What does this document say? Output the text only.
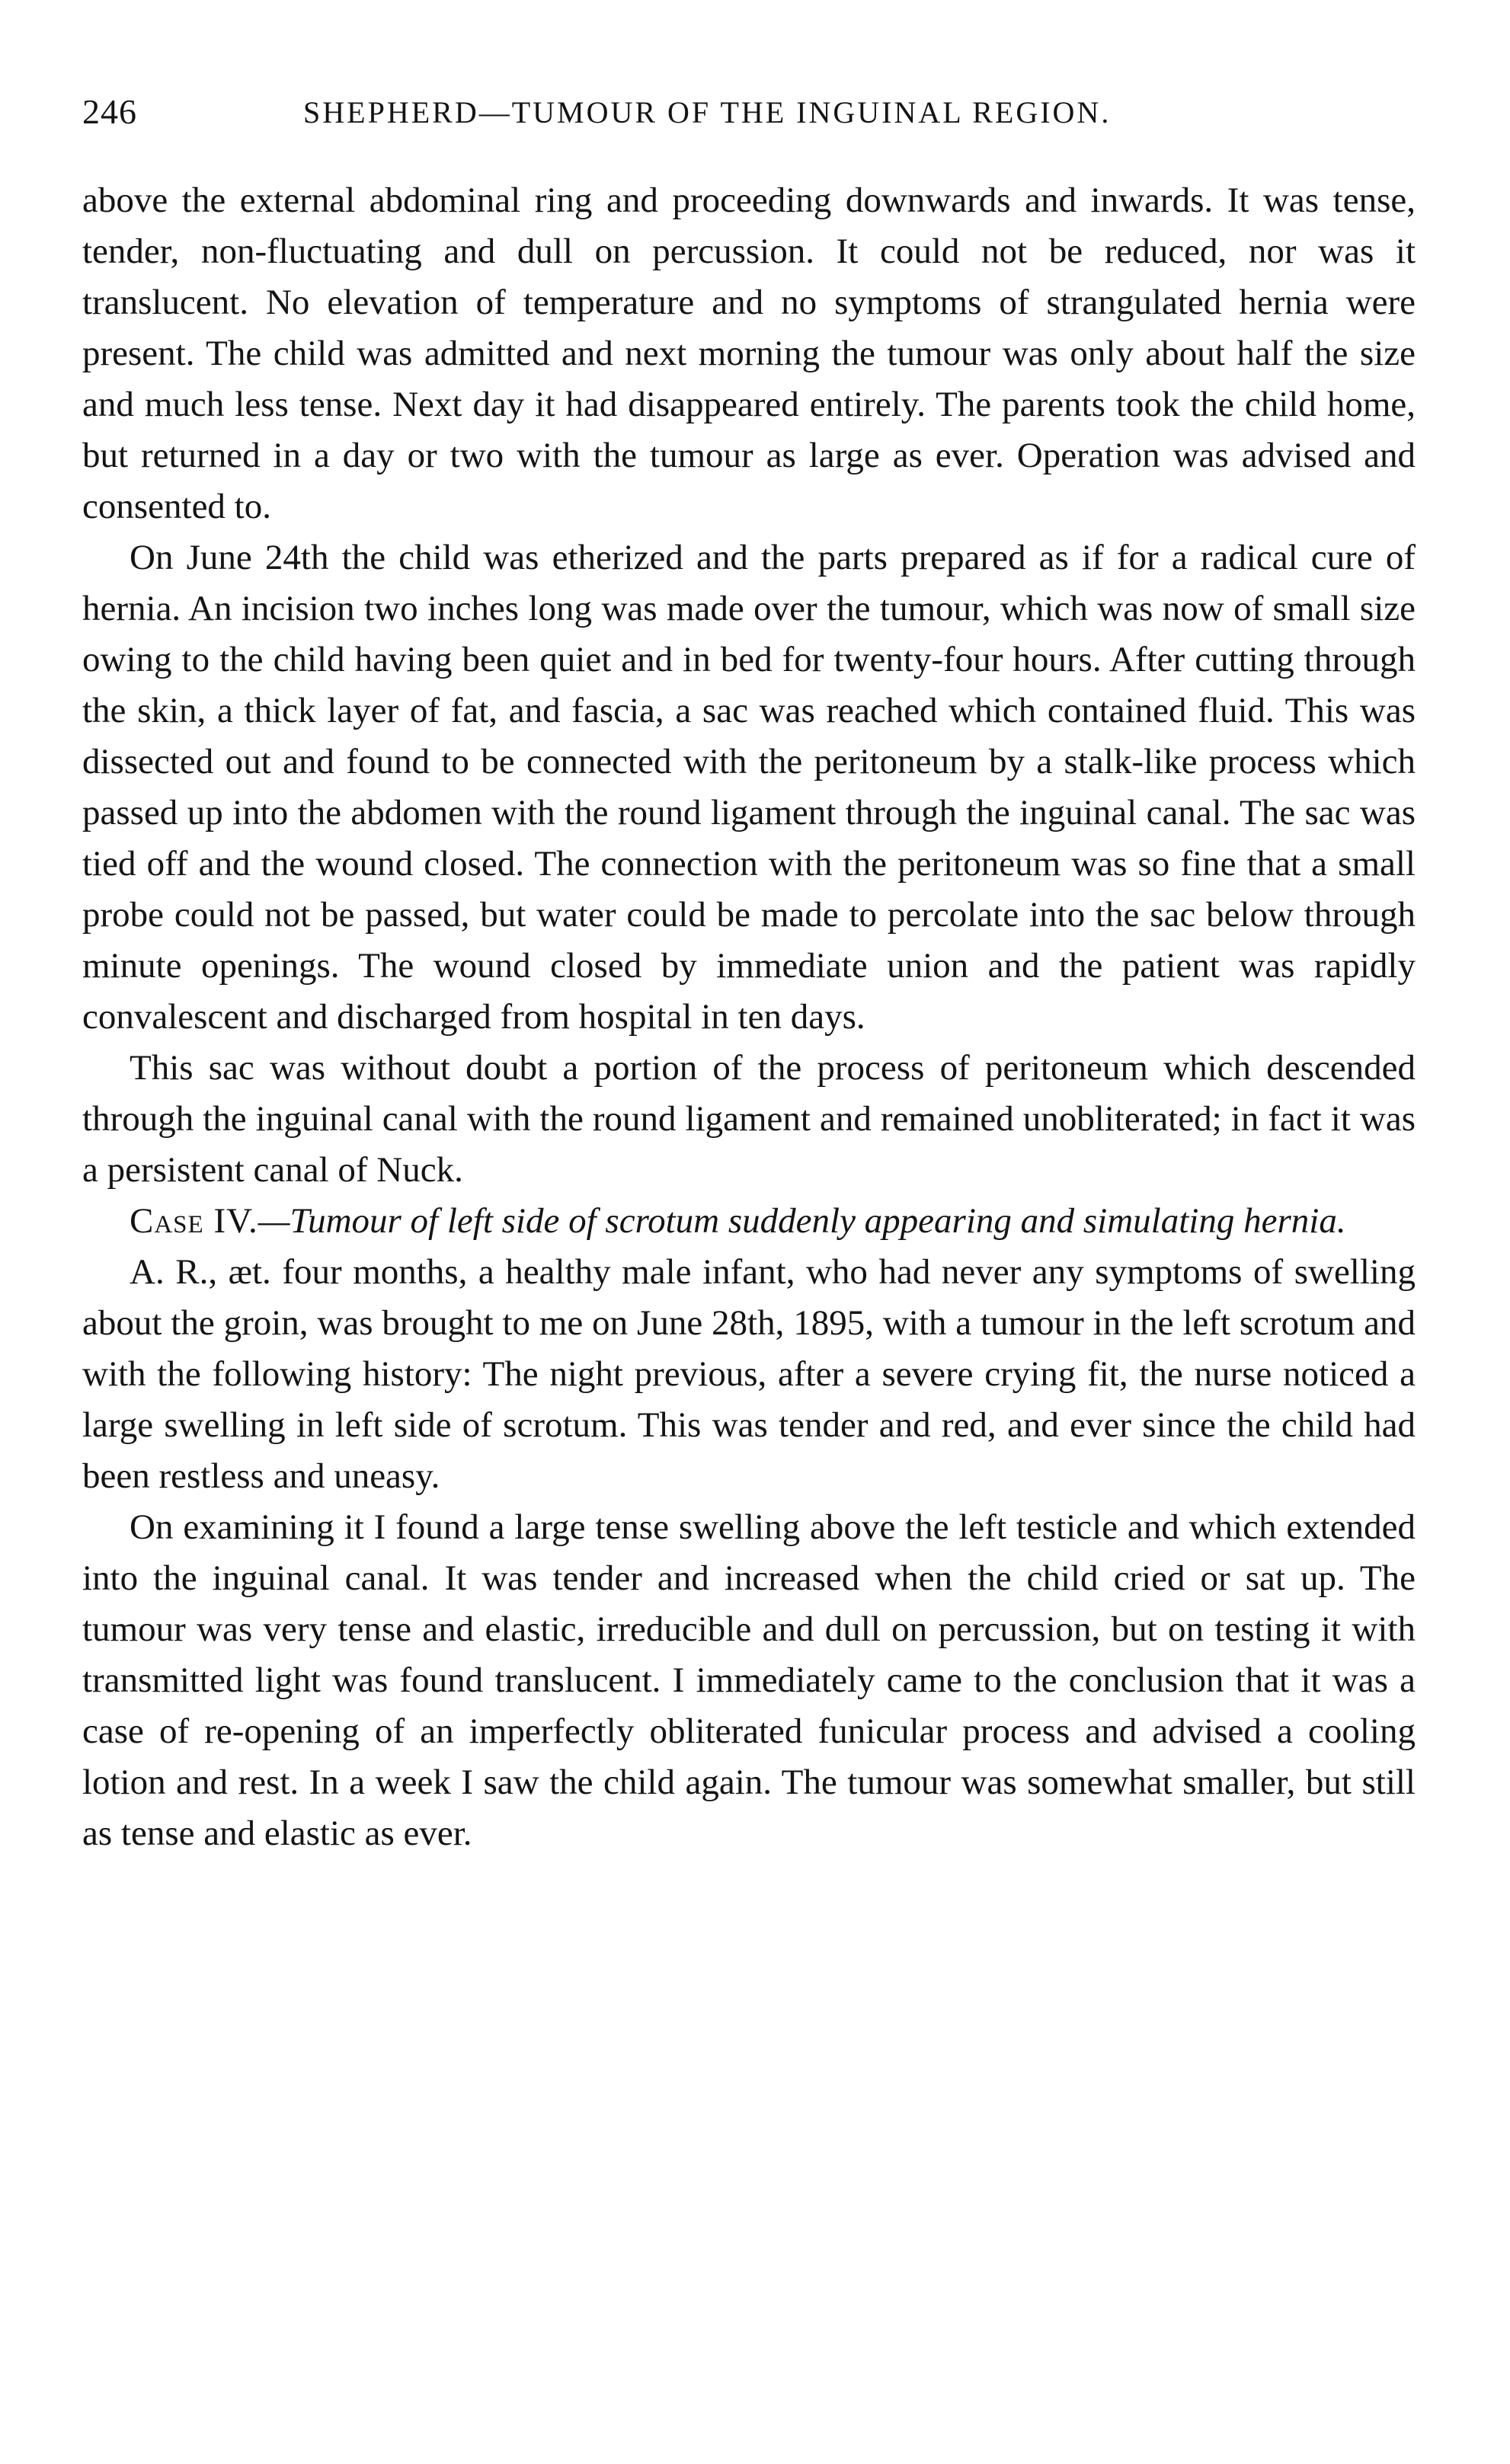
246	SHEPHERD—TUMOUR OF THE INGUINAL REGION.

above the external abdominal ring and proceeding downwards and inwards. It was tense, tender, non-fluctuating and dull on percussion. It could not be reduced, nor was it translucent. No elevation of temperature and no symptoms of strangulated hernia were present. The child was admitted and next morning the tumour was only about half the size and much less tense. Next day it had disappeared entirely. The parents took the child home, but returned in a day or two with the tumour as large as ever. Operation was advised and consented to.

On June 24th the child was etherized and the parts prepared as if for a radical cure of hernia. An incision two inches long was made over the tumour, which was now of small size owing to the child having been quiet and in bed for twenty-four hours. After cutting through the skin, a thick layer of fat, and fascia, a sac was reached which contained fluid. This was dissected out and found to be connected with the peritoneum by a stalk-like process which passed up into the abdomen with the round ligament through the inguinal canal. The sac was tied off and the wound closed. The connection with the peritoneum was so fine that a small probe could not be passed, but water could be made to percolate into the sac below through minute openings. The wound closed by immediate union and the patient was rapidly convalescent and discharged from hospital in ten days.

This sac was without doubt a portion of the process of peritoneum which descended through the inguinal canal with the round ligament and remained unobliterated; in fact it was a persistent canal of Nuck.

Case IV.—Tumour of left side of scrotum suddenly appearing and simulating hernia.

A. R., æt. four months, a healthy male infant, who had never any symptoms of swelling about the groin, was brought to me on June 28th, 1895, with a tumour in the left scrotum and with the following history: The night previous, after a severe crying fit, the nurse noticed a large swelling in left side of scrotum. This was tender and red, and ever since the child had been restless and uneasy.

On examining it I found a large tense swelling above the left testicle and which extended into the inguinal canal. It was tender and increased when the child cried or sat up. The tumour was very tense and elastic, irreducible and dull on percussion, but on testing it with transmitted light was found translucent. I immediately came to the conclusion that it was a case of re-opening of an imperfectly obliterated funicular process and advised a cooling lotion and rest. In a week I saw the child again. The tumour was somewhat smaller, but still as tense and elastic as ever.
